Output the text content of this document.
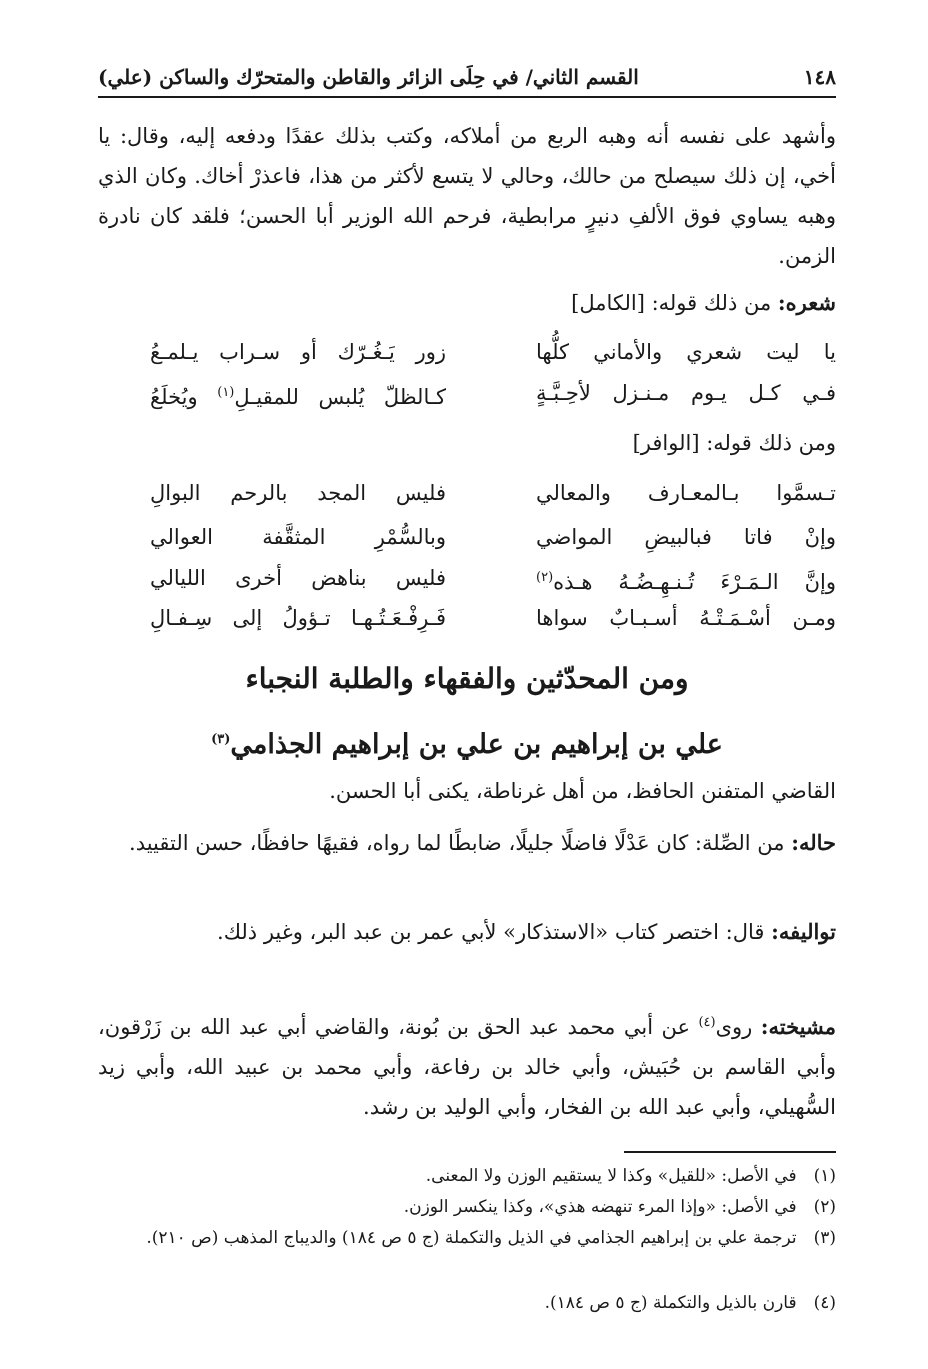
١٤٨
القسم الثاني/ في حِلَى الزائر والقاطن والمتحرّك والساكن (علي)

وأشهد على نفسه أنه وهبه الربع من أملاكه، وكتب بذلك عقدًا ودفعه إليه، وقال: يا أخي، إن ذلك سيصلح من حالك، وحالي لا يتسع لأكثر من هذا، فاعذرْ أخاك. وكان الذي وهبه يساوي فوق الألفِ دنيرٍ مرابطية، فرحم الله الوزير أبا الحسن؛ فلقد كان نادرة الزمن.

شعره: من ذلك قوله: [الكامل]
يا ليت شعري والأماني كلُّها
زور يَـغُـرّك أو سـراب يـلمـعُ
فـي كـل يـوم مـنـزل لأحِـبَّـةٍ
كـالظلّ يُلبس للمقيـلِ$^{(١)}$ ويُخلَعُ
ومن ذلك قوله: [الوافر]
تـسمَّوا بـالمعـارف والمعالي
فليس المجد بالرحم البوالِ
وإنْ فاتا فبالبيضِ المواضي
وبالسُّمْرِ المثقَّفة العوالي
وإنَّ الـمَـرْءَ تُـنـهِـضُـهُ هـذه$^{(٢)}$
فليس بناهض أخرى الليالي
ومـن أسْـمَـتْـهُ أسـبـابٌ سواها
فَـرِفْـعَـتُـهـا تـؤولُ إلى سِـفـالِ
ومن المحدّثين والفقهاء والطلبة النجباء
علي بن إبراهيم بن علي بن إبراهيم الجذامي$^{(٣)}$

القاضي المتفنن الحافظ، من أهل غرناطة، يكنى أبا الحسن.

حاله: من الصِّلة: كان عَدْلًا فاضلًا جليلًا، ضابطًا لما رواه، فقيهًا حافظًا، حسن التقييد.

تواليفه: قال: اختصر كتاب «الاستذكار» لأبي عمر بن عبد البر، وغير ذلك.

مشيخته: روى$^{(٤)}$ عن أبي محمد عبد الحق بن بُونة، والقاضي أبي عبد الله بن زَرْقون، وأبي القاسم بن حُبَيش، وأبي خالد بن رفاعة، وأبي محمد بن عبيد الله، وأبي زيد السُّهيلي، وأبي عبد الله بن الفخار، وأبي الوليد بن رشد.

(١) في الأصل: «للقيل» وكذا لا يستقيم الوزن ولا المعنى.

(٢) في الأصل: «وإذا المرء تنهضه هذي»، وكذا ينكسر الوزن.

(٣) ترجمة علي بن إبراهيم الجذامي في الذيل والتكملة (ج ٥ ص ١٨٤) والديباج المذهب (ص ٢١٠).

(٤) قارن بالذيل والتكملة (ج ٥ ص ١٨٤).
